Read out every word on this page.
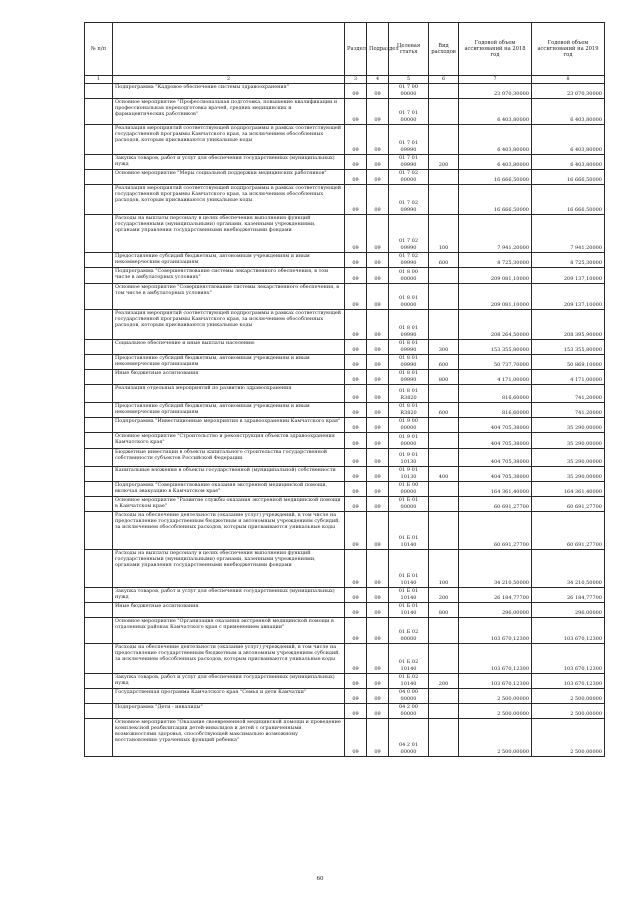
№ п/п		Раздел	Подраздел	Целевая статья	Вид расходов	Годовой объем ассигнований на 2018 год	Годовой объем ассигнований на 2019 год
1	2	3	4	5	6	7	8
	Подпрограмма "Кадровое обеспечение системы здравоохранения"	09	09	01 7 00 00000		23 070,30000	23 070,30000
	Основное мероприятие "Профессиональная подготовка, повышение квалификации и профессиональная переподготовка врачей, средних медицинских и фармацевтических работников"	09	09	01 7 01 00000		6 403,80000	6 403,80000
	Реализация мероприятий соответствующей подпрограммы в рамках соответствующей государственной программы Камчатского края, за исключением обособленных расходов, которым присваиваются уникальные коды	09	09	01 7 01 09990		6 403,80000	6 403,80000
	Закупка товаров, работ и услуг для обеспечения государственных (муниципальных) нужд	09	09	01 7 01 09990	200	6 403,80000	6 403,80000
	Основное мероприятие "Меры социальной поддержки медицинских работников"	09	09	01 7 02 00000		16 666,50000	16 666,50000
	Реализация мероприятий соответствующей подпрограммы в рамках соответствующей государственной программы Камчатского края, за исключением обособленных расходов, которым присваиваются уникальные коды	09	09	01 7 02 09990		16 666,50000	16 666,50000
	Расходы на выплаты персоналу в целях обеспечения выполнения функций государственными (муниципальными) органами, казенными учреждениями, органами управления государственными внебюджетными фондами	09	09	01 7 02 09990	100	7 941,20000	7 941,20000
	Предоставление субсидий бюджетным, автономным учреждениям и иным некоммерческим организациям	09	09	01 7 02 09990	600	8 725,30000	8 725,30000
	Подпрограмма "Совершенствование системы лекарственного обеспечения, в том числе в амбулаторных условиях"	09	09	01 8 00 00000		209 081,10000	209 137,10000
	Основное мероприятие "Совершенствование системы лекарственного обеспечения, в том числе в амбулаторных условиях"	09	09	01 8 01 00000		209 081,10000	209 137,10000
	Реализация мероприятий соответствующей подпрограммы в рамках соответствующей государственной программы Камчатского края, за исключением обособленных расходов, которым присваиваются уникальные коды	09	09	01 8 01 09990		208 264,50000	208 395,90000
	Социальное обеспечение и иные выплаты населению	09	09	01 8 01 09990	300	153 355,80000	153 355,80000
	Предоставление субсидий бюджетным, автономным учреждениям и иным некоммерческим организациям	09	09	01 8 01 09990	600	50 737,70000	50 869,10000
	Иные бюджетные ассигнования	09	09	01 8 01 09990	800	4 171,00000	4 171,00000
	Реализация отдельных мероприятий по развитию здравоохранения	09	09	01 8 01 R3820		816,60000	741,20000
	Предоставление субсидий бюджетным, автономным учреждениям и иным некоммерческим организациям	09	09	01 8 01 R3820	600	816,60000	741,20000
	Подпрограмма "Инвестиционные мероприятия в здравоохранении Камчатского края"	09	09	01 9 00 00000		404 705,38000	35 290,00000
	Основное мероприятие "Строительство и реконструкция объектов здравоохранения Камчатского края"	09	09	01 9 01 00000		404 705,38000	35 290,00000
	Бюджетные инвестиции в объекты капитального строительства государственной собственности субъектов Российской Федерации	09	09	01 9 01 10130		404 705,38000	35 290,00000
	Капитальные вложения в объекты государственной (муниципальной) собственности	09	09	01 9 01 10130	400	404 705,38000	35 290,00000
	Подпрограмма "Совершенствование оказания экстренной медицинской помощи, включая эвакуацию в Камчатском крае"	09	09	01 Б 00 00000		164 361,40000	164 361,40000
	Основное мероприятие "Развитие службы оказания экстренной медицинской помощи в Камчатском крае"	09	09	01 Б 01 00000		60 691,27700	60 691,27700
	Расходы на обеспечение деятельности (оказание услуг) учреждений, в том числе на предоставление государственным бюджетным и автономным учреждениям субсидий, за исключением обособленных расходов, которым присваиваются уникальные коды	09	09	01 Б 01 10140		60 691,27700	60 691,27700
	Расходы на выплаты персоналу в целях обеспечения выполнения функций государственными (муниципальными) органами, казенными учреждениями, органами управления государственными внебюджетными фондами	09	09	01 Б 01 10140	100	34 210,50000	34 210,50000
	Закупка товаров, работ и услуг для обеспечения государственных (муниципальных) нужд	09	09	01 Б 01 10140	200	26 184,77700	26 184,77700
	Иные бюджетные ассигнования	09	09	01 Б 01 10140	800	296,00000	296,00000
	Основное мероприятие "Организация оказания экстренной медицинской помощи в отдаленных районах Камчатского края с применением авиации"	09	09	01 Б 02 00000		103 670,12300	103 670,12300
	Расходы на обеспечение деятельности (оказание услуг) учреждений, в том числе на предоставление государственным бюджетным и автономным учреждениям субсидий, за исключением обособленных расходов, которым присваиваются уникальные коды	09	09	01 Б 02 10140		103 670,12300	103 670,12300
	Закупка товаров, работ и услуг для обеспечения государственных (муниципальных) нужд	09	09	01 Б 02 10140	200	103 670,12300	103 670,12300
	Государственная программа Камчатского края "Семья и дети Камчатки"	09	09	04 0 00 00000		2 500,00000	2 500,00000
	Подпрограмма "Дети - инвалиды"	09	09	04 2 00 00000		2 500,00000	2 500,00000
	Основное мероприятие "Оказание своевременной медицинской помощи и проведение комплексной реабилитации детей-инвалидов и детей с ограниченными возможностями здоровья, способствующей максимально возможному восстановлению утраченных функций ребенка"	09	09	04 2 01 00000		2 500,00000	2 500,00000
60
